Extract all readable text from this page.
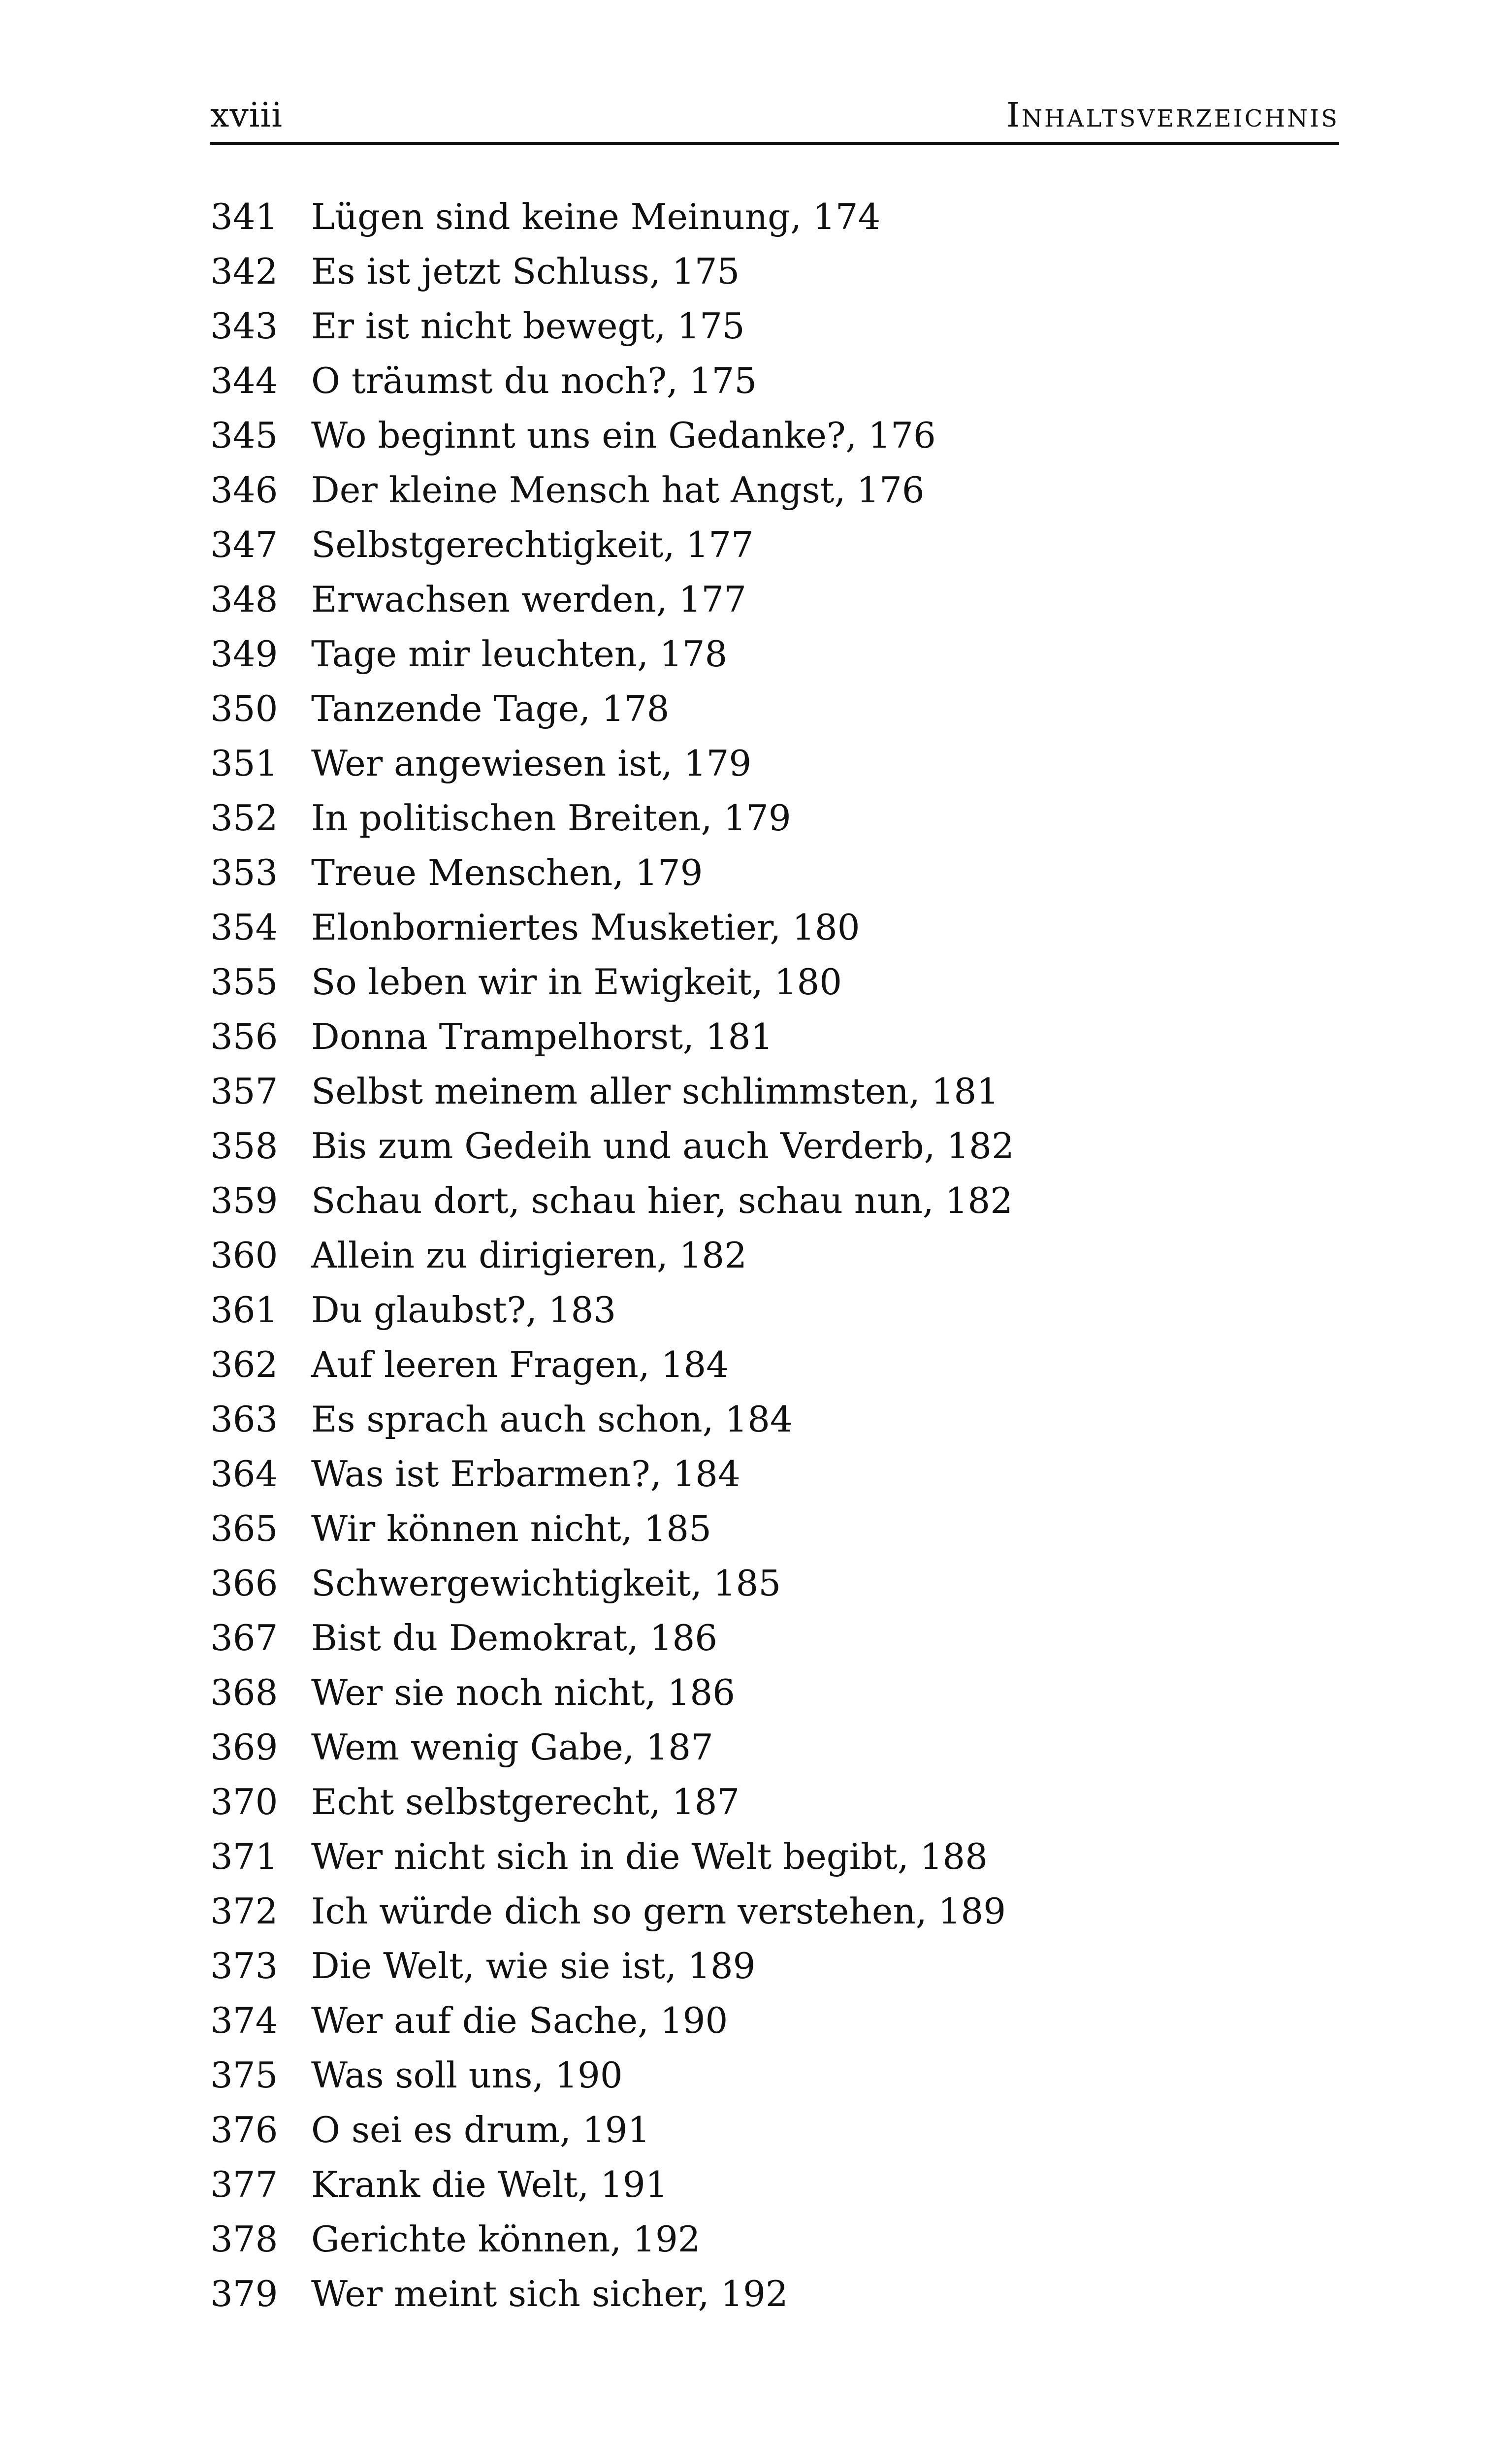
xviii	Inhaltsverzeichnis
341 Lügen sind keine Meinung, 174
342 Es ist jetzt Schluss, 175
343 Er ist nicht bewegt, 175
344 O träumst du noch?, 175
345 Wo beginnt uns ein Gedanke?, 176
346 Der kleine Mensch hat Angst, 176
347 Selbstgerechtigkeit, 177
348 Erwachsen werden, 177
349 Tage mir leuchten, 178
350 Tanzende Tage, 178
351 Wer angewiesen ist, 179
352 In politischen Breiten, 179
353 Treue Menschen, 179
354 Elonborniertes Musketier, 180
355 So leben wir in Ewigkeit, 180
356 Donna Trampelhorst, 181
357 Selbst meinem aller schlimmsten, 181
358 Bis zum Gedeih und auch Verderb, 182
359 Schau dort, schau hier, schau nun, 182
360 Allein zu dirigieren, 182
361 Du glaubst?, 183
362 Auf leeren Fragen, 184
363 Es sprach auch schon, 184
364 Was ist Erbarmen?, 184
365 Wir können nicht, 185
366 Schwergewichtigkeit, 185
367 Bist du Demokrat, 186
368 Wer sie noch nicht, 186
369 Wem wenig Gabe, 187
370 Echt selbstgerecht, 187
371 Wer nicht sich in die Welt begibt, 188
372 Ich würde dich so gern verstehen, 189
373 Die Welt, wie sie ist, 189
374 Wer auf die Sache, 190
375 Was soll uns, 190
376 O sei es drum, 191
377 Krank die Welt, 191
378 Gerichte können, 192
379 Wer meint sich sicher, 192
